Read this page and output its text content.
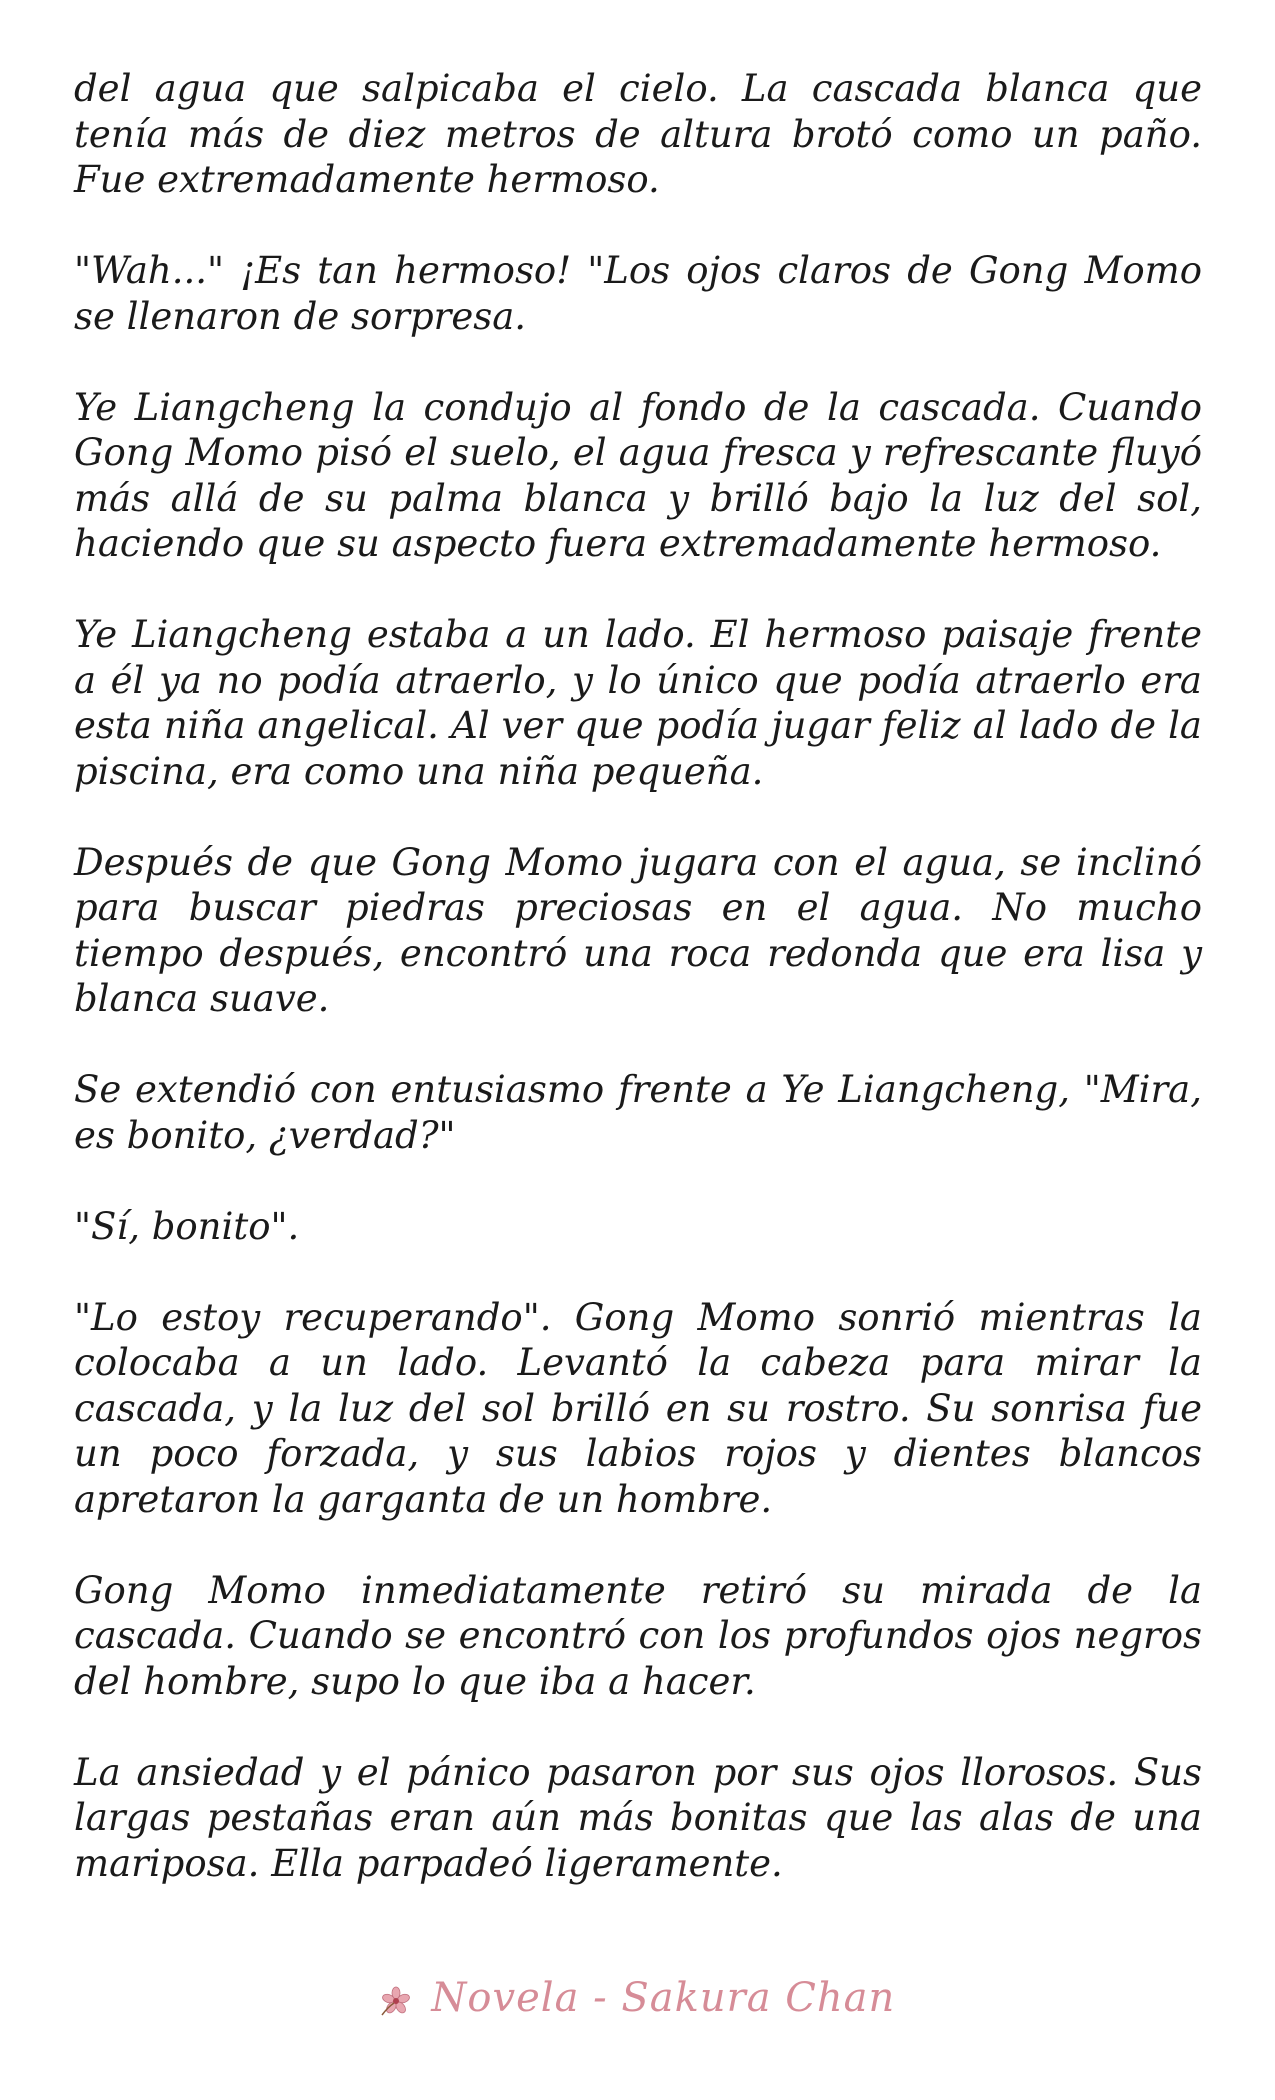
del agua que salpicaba el cielo. La cascada blanca que tenía más de diez metros de altura brotó como un paño. Fue extremadamente hermoso.

"Wah..." ¡Es tan hermoso! "Los ojos claros de Gong Momo se llenaron de sorpresa.

Ye Liangcheng la condujo al fondo de la cascada. Cuando Gong Momo pisó el suelo, el agua fresca y refrescante fluyó más allá de su palma blanca y brilló bajo la luz del sol, haciendo que su aspecto fuera extremadamente hermoso.

Ye Liangcheng estaba a un lado. El hermoso paisaje frente a él ya no podía atraerlo, y lo único que podía atraerlo era esta niña angelical. Al ver que podía jugar feliz al lado de la piscina, era como una niña pequeña.

Después de que Gong Momo jugara con el agua, se inclinó para buscar piedras preciosas en el agua. No mucho tiempo después, encontró una roca redonda que era lisa y blanca suave.

Se extendió con entusiasmo frente a Ye Liangcheng, "Mira, es bonito, ¿verdad?"

"Sí, bonito".

"Lo estoy recuperando". Gong Momo sonrió mientras la colocaba a un lado. Levantó la cabeza para mirar la cascada, y la luz del sol brilló en su rostro. Su sonrisa fue un poco forzada, y sus labios rojos y dientes blancos apretaron la garganta de un hombre.

Gong Momo inmediatamente retiró su mirada de la cascada. Cuando se encontró con los profundos ojos negros del hombre, supo lo que iba a hacer.

La ansiedad y el pánico pasaron por sus ojos llorosos. Sus largas pestañas eran aún más bonitas que las alas de una mariposa. Ella parpadeó ligeramente.

Novela - Sakura Chan
